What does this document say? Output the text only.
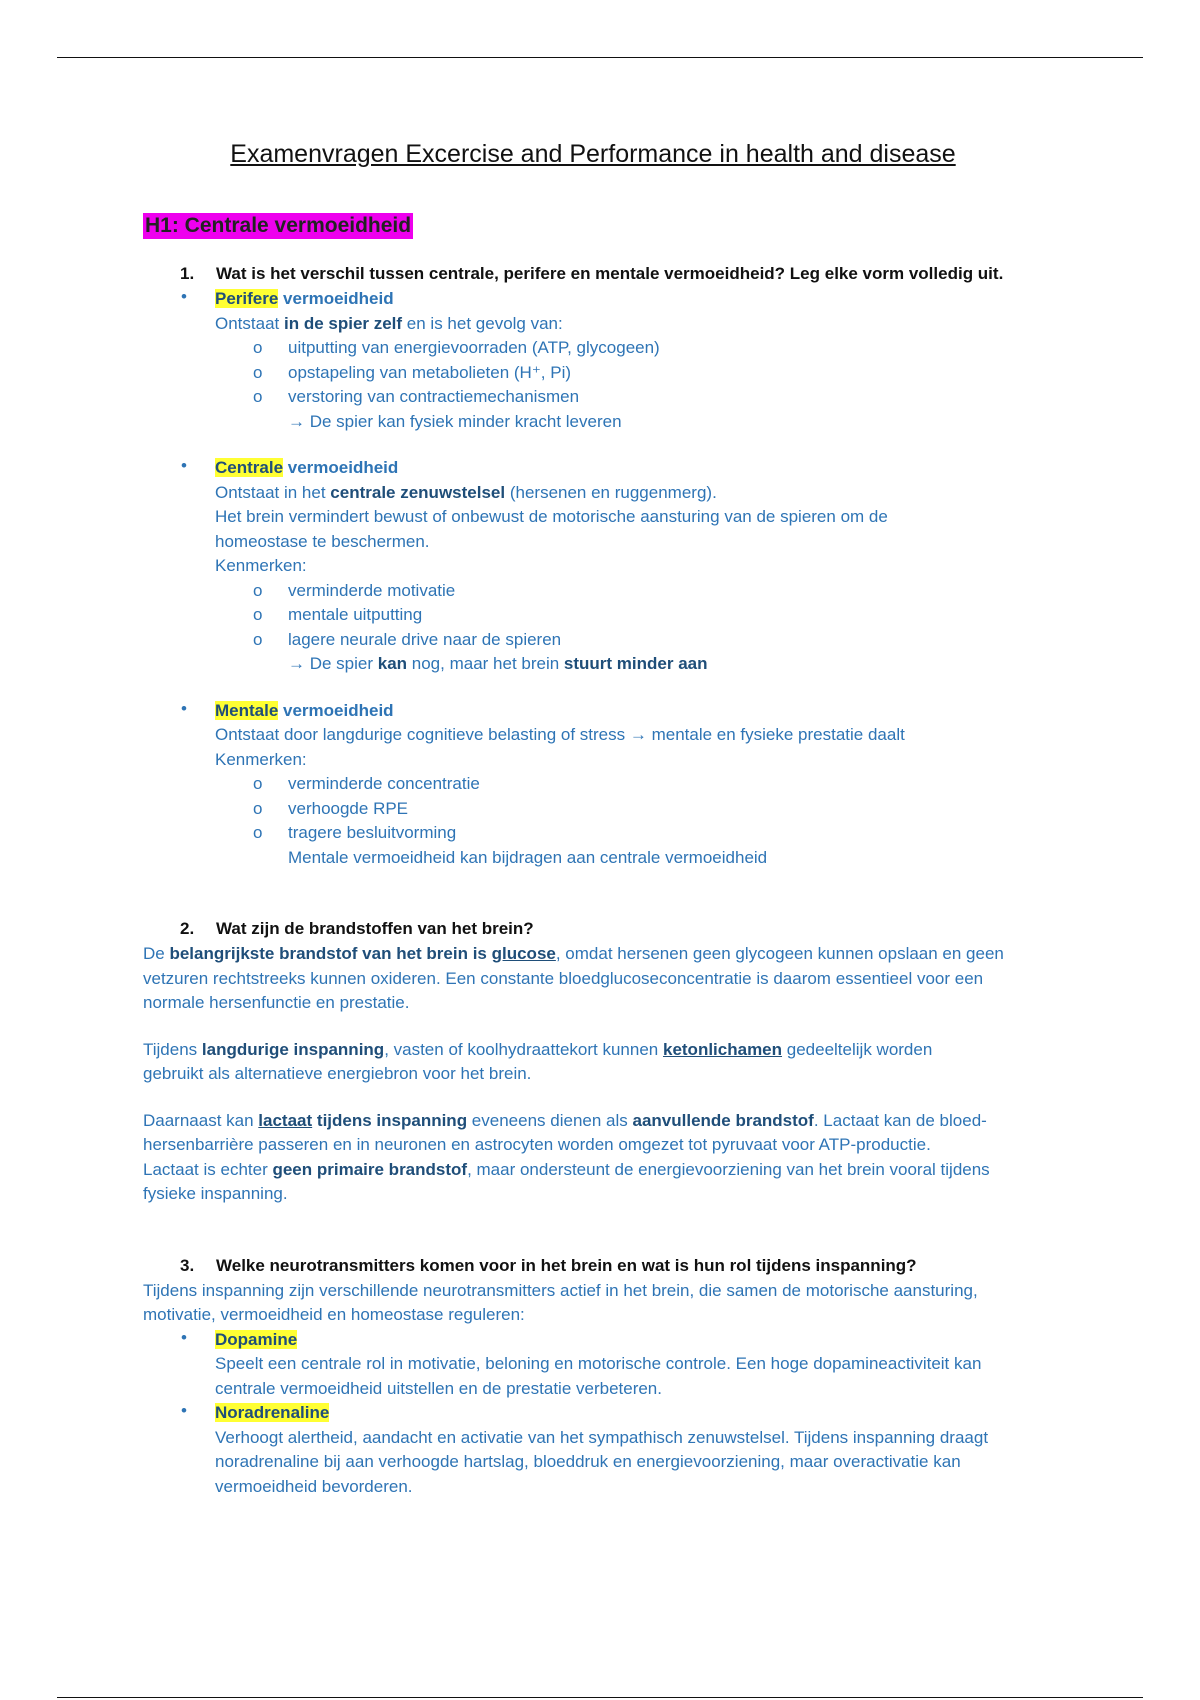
Examenvragen Excercise and Performance in health and disease
H1: Centrale vermoeidheid
1. Wat is het verschil tussen centrale, perifere en mentale vermoeidheid? Leg elke vorm volledig uit.
• Perifere vermoeidheid

Ontstaat in de spier zelf en is het gevolg van:

o uitputting van energievoorraden (ATP, glycogeen)
o opstapeling van metabolieten (H⁺, Pi)
o verstoring van contractiemechanismen
→ De spier kan fysiek minder kracht leveren
• Centrale vermoeidheid

Ontstaat in het centrale zenuwstelsel (hersenen en ruggenmerg).

Het brein vermindert bewust of onbewust de motorische aansturing van de spieren om de

homeostase te beschermen.

Kenmerken:

o verminderde motivatie
o mentale uitputting
o lagere neurale drive naar de spieren
→ De spier kan nog, maar het brein stuurt minder aan
• Mentale vermoeidheid

Ontstaat door langdurige cognitieve belasting of stress → mentale en fysieke prestatie daalt

Kenmerken:

o verminderde concentratie
o verhoogde RPE
o tragere besluitvorming
Mentale vermoeidheid kan bijdragen aan centrale vermoeidheid
2. Wat zijn de brandstoffen van het brein?

De belangrijkste brandstof van het brein is glucose, omdat hersenen geen glycogeen kunnen opslaan en geen

vetzuren rechtstreeks kunnen oxideren. Een constante bloedglucoseconcentratie is daarom essentieel voor een

normale hersenfunctie en prestatie.

Tijdens langdurige inspanning, vasten of koolhydraattekort kunnen ketonlichamen gedeeltelijk worden

gebruikt als alternatieve energiebron voor het brein.

Daarnaast kan lactaat tijdens inspanning eveneens dienen als aanvullende brandstof. Lactaat kan de bloed-

hersenbarrière passeren en in neuronen en astrocyten worden omgezet tot pyruvaat voor ATP-productie.

Lactaat is echter geen primaire brandstof, maar ondersteunt de energievoorziening van het brein vooral tijdens

fysieke inspanning.

3. Welke neurotransmitters komen voor in het brein en wat is hun rol tijdens inspanning?

Tijdens inspanning zijn verschillende neurotransmitters actief in het brein, die samen de motorische aansturing,

motivatie, vermoeidheid en homeostase reguleren:

• Dopamine

Speelt een centrale rol in motivatie, beloning en motorische controle. Een hoge dopamineactiviteit kan

centrale vermoeidheid uitstellen en de prestatie verbeteren.

• Noradrenaline

Verhoogt alertheid, aandacht en activatie van het sympathisch zenuwstelsel. Tijdens inspanning draagt

noradrenaline bij aan verhoogde hartslag, bloeddruk en energievoorziening, maar overactivatie kan

vermoeidheid bevorderen.
